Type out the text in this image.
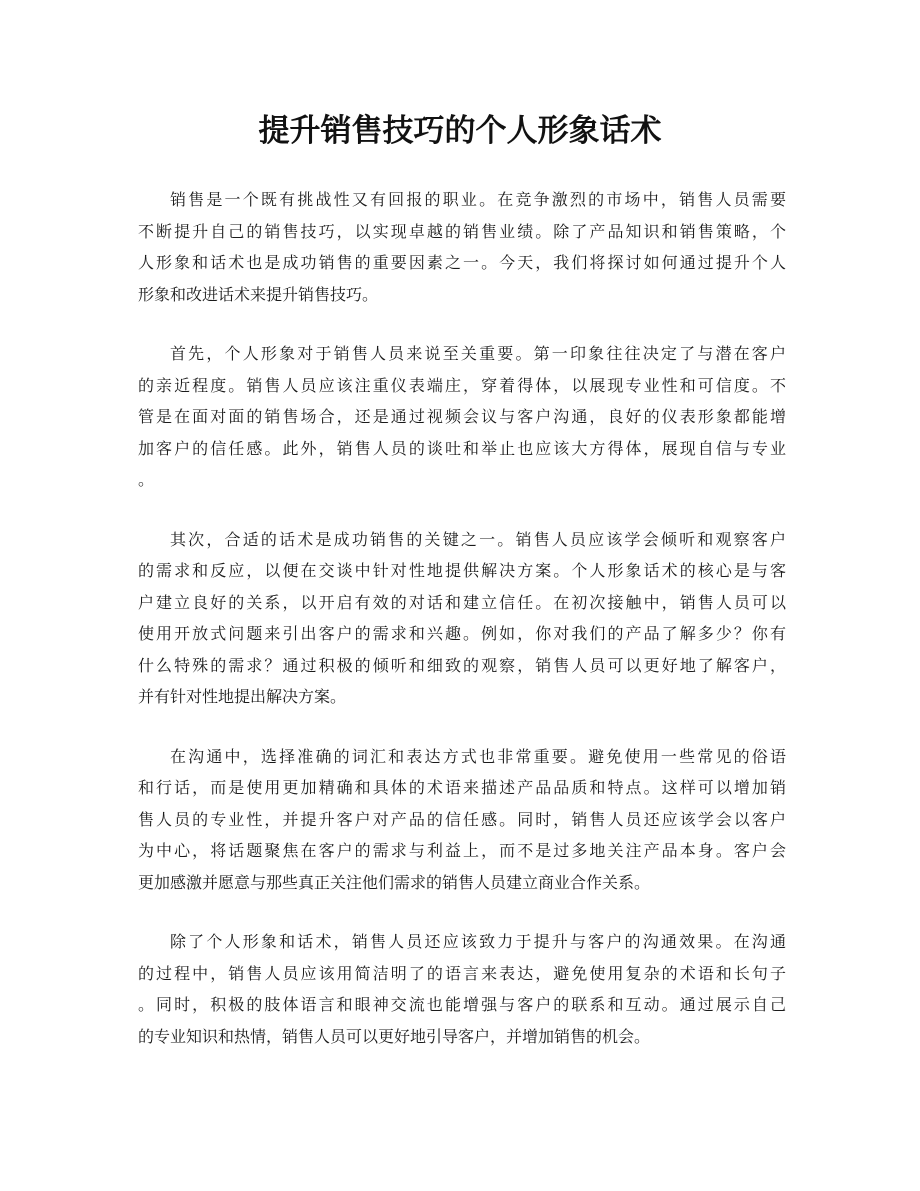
提升销售技巧的个人形象话术
销售是一个既有挑战性又有回报的职业。在竞争激烈的市场中，销售人员需要
不断提升自己的销售技巧，以实现卓越的销售业绩。除了产品知识和销售策略，个
人形象和话术也是成功销售的重要因素之一。今天，我们将探讨如何通过提升个人
形象和改进话术来提升销售技巧。
首先，个人形象对于销售人员来说至关重要。第一印象往往决定了与潜在客户
的亲近程度。销售人员应该注重仪表端庄，穿着得体，以展现专业性和可信度。不
管是在面对面的销售场合，还是通过视频会议与客户沟通，良好的仪表形象都能增
加客户的信任感。此外，销售人员的谈吐和举止也应该大方得体，展现自信与专业
。
其次，合适的话术是成功销售的关键之一。销售人员应该学会倾听和观察客户
的需求和反应，以便在交谈中针对性地提供解决方案。个人形象话术的核心是与客
户建立良好的关系，以开启有效的对话和建立信任。在初次接触中，销售人员可以
使用开放式问题来引出客户的需求和兴趣。例如，你对我们的产品了解多少？你有
什么特殊的需求？通过积极的倾听和细致的观察，销售人员可以更好地了解客户，
并有针对性地提出解决方案。
在沟通中，选择准确的词汇和表达方式也非常重要。避免使用一些常见的俗语
和行话，而是使用更加精确和具体的术语来描述产品品质和特点。这样可以增加销
售人员的专业性，并提升客户对产品的信任感。同时，销售人员还应该学会以客户
为中心，将话题聚焦在客户的需求与利益上，而不是过多地关注产品本身。客户会
更加感激并愿意与那些真正关注他们需求的销售人员建立商业合作关系。
除了个人形象和话术，销售人员还应该致力于提升与客户的沟通效果。在沟通
的过程中，销售人员应该用简洁明了的语言来表达，避免使用复杂的术语和长句子
。同时，积极的肢体语言和眼神交流也能增强与客户的联系和互动。通过展示自己
的专业知识和热情，销售人员可以更好地引导客户，并增加销售的机会。
